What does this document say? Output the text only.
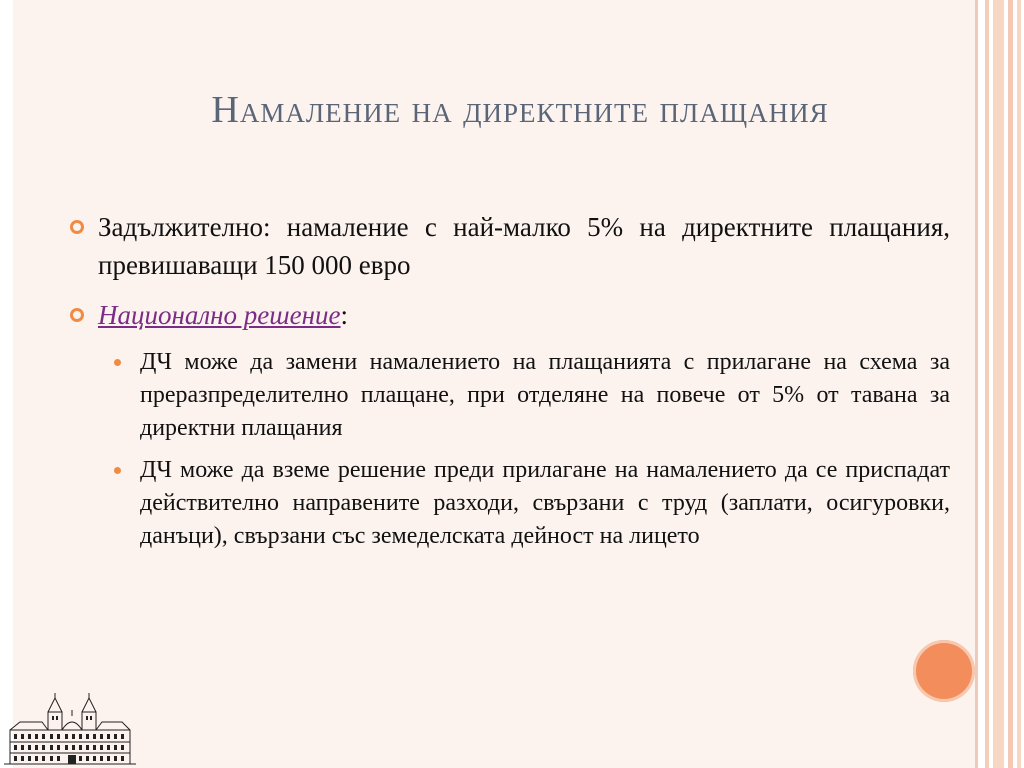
Намаление на директните плащания
Задължително: намаление с най-малко 5% на директните плащания, превишаващи 150 000 евро
Национално решение:
ДЧ може да замени намалението на плащанията с прилагане на схема за преразпределително плащане, при отделяне на повече от 5% от тавана за директни плащания
ДЧ може да вземе решение преди прилагане на намалението да се приспадат действително направените разходи, свързани с труд (заплати, осигуровки, данъци), свързани със земеделската дейност на лицето
